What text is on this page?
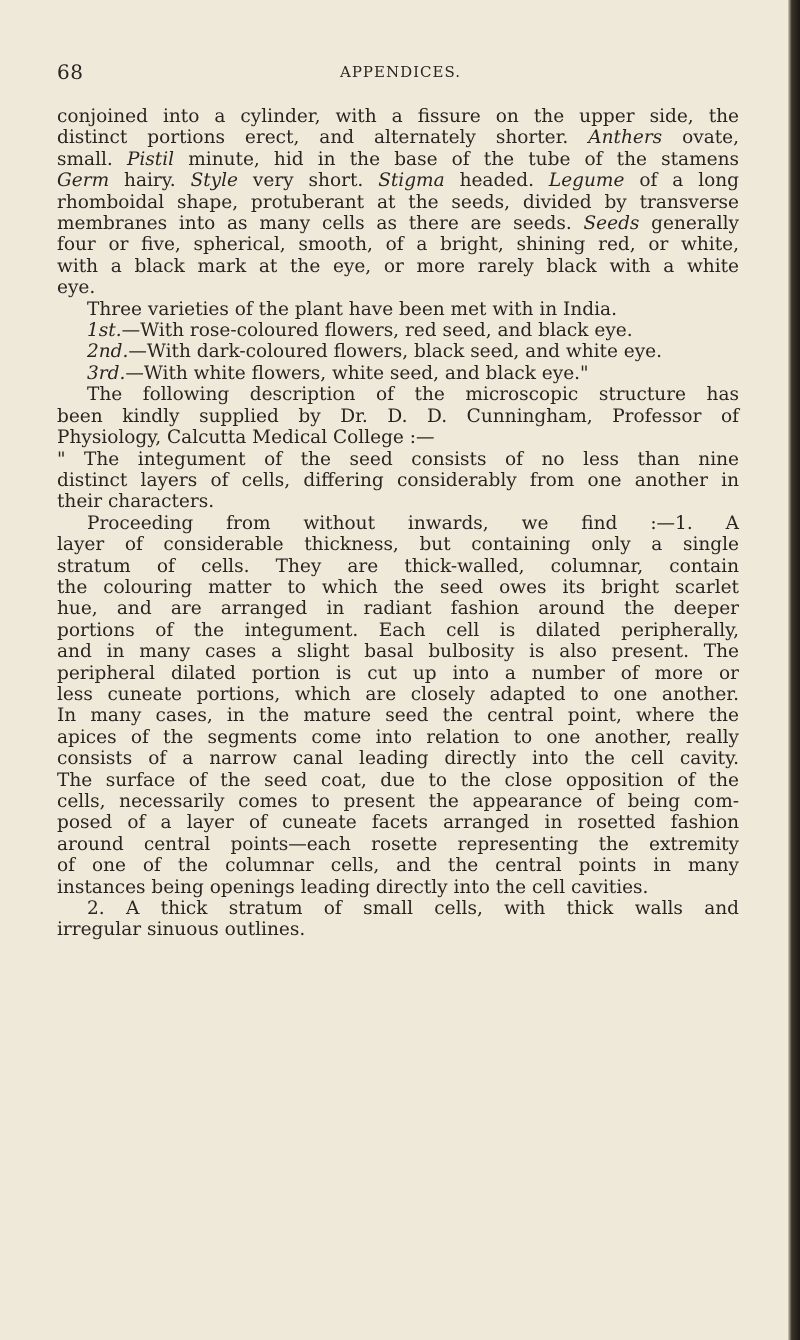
68	APPENDICES.
conjoined into a cylinder, with a fissure on the upper side, the
distinct portions erect, and alternately shorter. Anthers ovate,
small. Pistil minute, hid in the base of the tube of the stamens
Germ hairy. Style very short. Stigma headed. Legume of a long
rhomboidal shape, protuberant at the seeds, divided by transverse
membranes into as many cells as there are seeds. Seeds generally
four or five, spherical, smooth, of a bright, shining red, or white,
with a black mark at the eye, or more rarely black with a white
eye.
Three varieties of the plant have been met with in India.
1st.—With rose-coloured flowers, red seed, and black eye.
2nd.—With dark-coloured flowers, black seed, and white eye.
3rd.—With white flowers, white seed, and black eye."
The following description of the microscopic structure has
been kindly supplied by Dr. D. D. Cunningham, Professor of
Physiology, Calcutta Medical College :—
" The integument of the seed consists of no less than nine
distinct layers of cells, differing considerably from one another in
their characters.
Proceeding from without inwards, we find :—1. A
layer of considerable thickness, but containing only a single
stratum of cells. They are thick-walled, columnar, contain
the colouring matter to which the seed owes its bright scarlet
hue, and are arranged in radiant fashion around the deeper
portions of the integument. Each cell is dilated peripherally,
and in many cases a slight basal bulbosity is also present. The
peripheral dilated portion is cut up into a number of more or
less cuneate portions, which are closely adapted to one another.
In many cases, in the mature seed the central point, where the
apices of the segments come into relation to one another, really
consists of a narrow canal leading directly into the cell cavity.
The surface of the seed coat, due to the close opposition of the
cells, necessarily comes to present the appearance of being com-
posed of a layer of cuneate facets arranged in rosetted fashion
around central points—each rosette representing the extremity
of one of the columnar cells, and the central points in many
instances being openings leading directly into the cell cavities.
2. A thick stratum of small cells, with thick walls and
irregular sinuous outlines.
